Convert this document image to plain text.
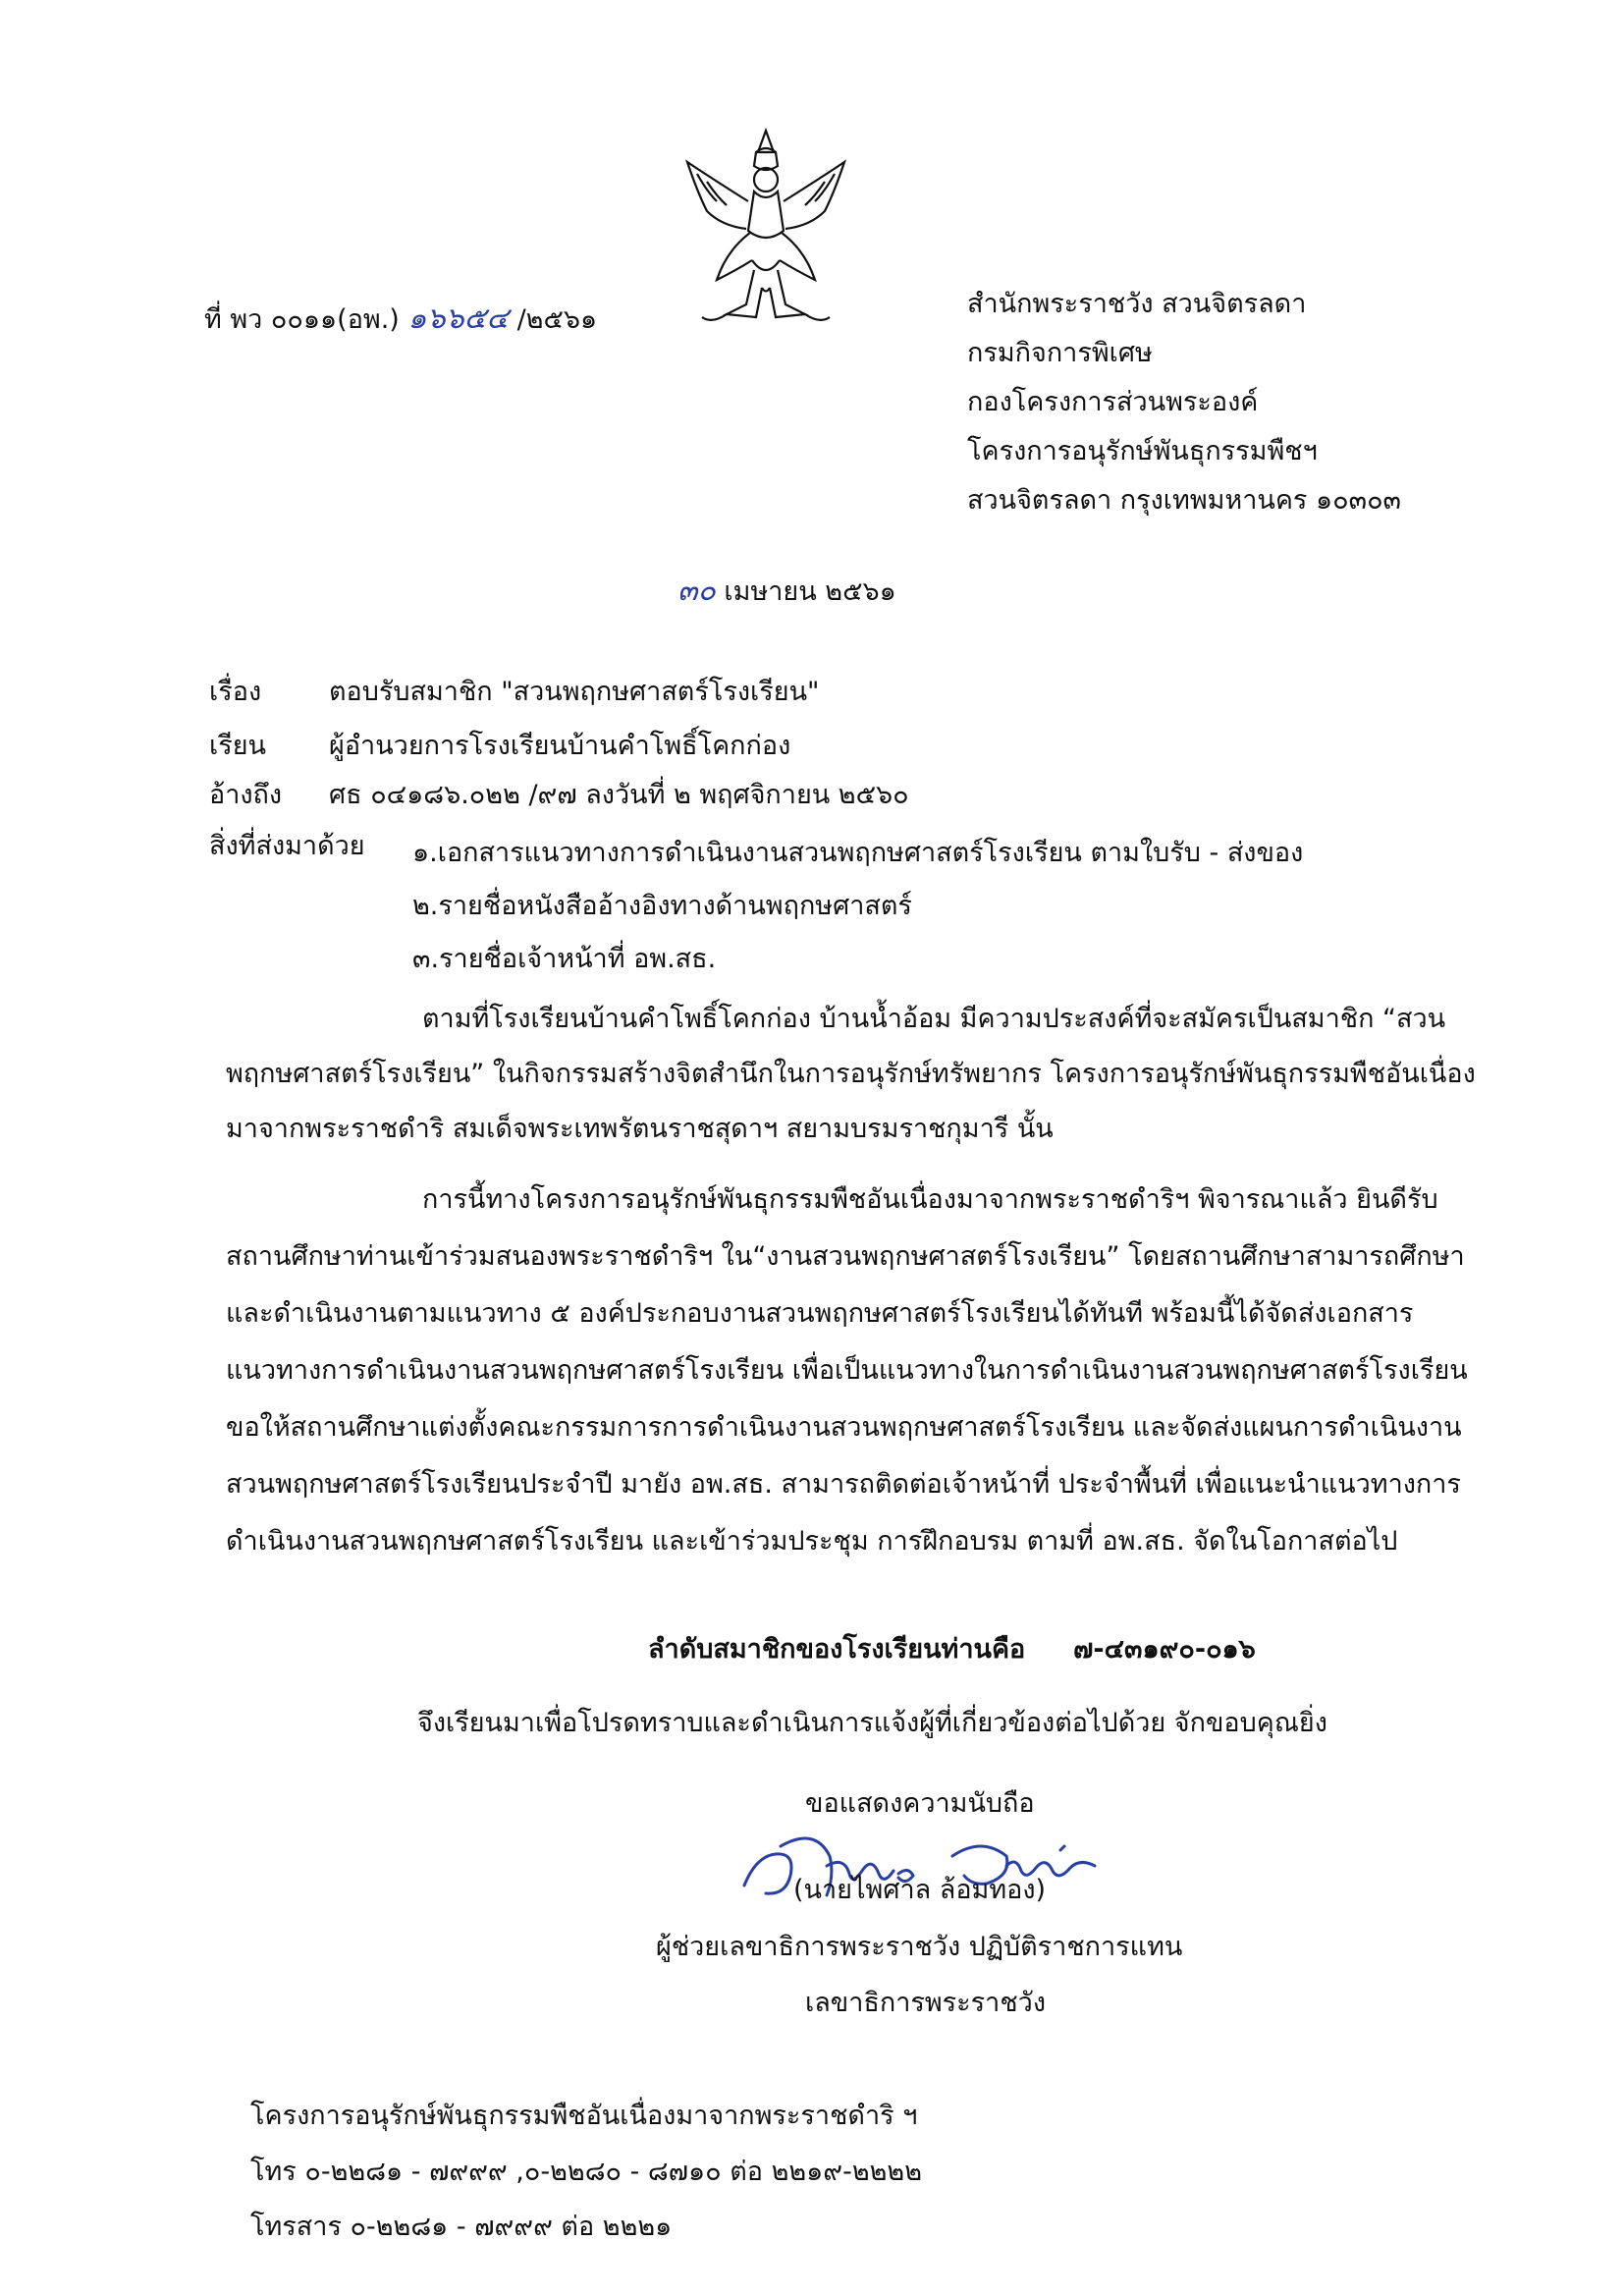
ที่ พว ๐๐๑๑(อพ.) ๑๖๖๕๔ /๒๕๖๑
สำนักพระราชวัง สวนจิตรลดา
กรมกิจการพิเศษ
กองโครงการส่วนพระองค์
โครงการอนุรักษ์พันธุกรรมพืชฯ
สวนจิตรลดา กรุงเทพมหานคร ๑๐๓๐๓
๓๐ เมษายน ๒๕๖๑
เรื่อง	ตอบรับสมาชิก "สวนพฤกษศาสตร์โรงเรียน"
เรียน ผู้อำนวยการโรงเรียนบ้านคำโพธิ์โคกก่อง
อ้างถึง ศธ ๐๔๑๘๖.๐๒๒ /๙๗ ลงวันที่ ๒ พฤศจิกายน ๒๕๖๐
สิ่งที่ส่งมาด้วย ๑.เอกสารแนวทางการดำเนินงานสวนพฤกษศาสตร์โรงเรียน ตามใบรับ - ส่งของ
๒.รายชื่อหนังสืออ้างอิงทางด้านพฤกษศาสตร์
๓.รายชื่อเจ้าหน้าที่ อพ.สธ.
ตามที่โรงเรียนบ้านคำโพธิ์โคกก่อง บ้านน้ำอ้อม มีความประสงค์ที่จะสมัครเป็นสมาชิก “สวนพฤกษศาสตร์โรงเรียน” ในกิจกรรมสร้างจิตสำนึกในการอนุรักษ์ทรัพยากร โครงการอนุรักษ์พันธุกรรมพืชอันเนื่องมาจากพระราชดำริ สมเด็จพระเทพรัตนราชสุดาฯ สยามบรมราชกุมารี นั้น
การนี้ทางโครงการอนุรักษ์พันธุกรรมพืชอันเนื่องมาจากพระราชดำริฯ พิจารณาแล้ว ยินดีรับสถานศึกษาท่านเข้าร่วมสนองพระราชดำริฯ ใน“งานสวนพฤกษศาสตร์โรงเรียน” โดยสถานศึกษาสามารถศึกษาและดำเนินงานตามแนวทาง ๕ องค์ประกอบงานสวนพฤกษศาสตร์โรงเรียนได้ทันที พร้อมนี้ได้จัดส่งเอกสารแนวทางการดำเนินงานสวนพฤกษศาสตร์โรงเรียน เพื่อเป็นแนวทางในการดำเนินงานสวนพฤกษศาสตร์โรงเรียน ขอให้สถานศึกษาแต่งตั้งคณะกรรมการการดำเนินงานสวนพฤกษศาสตร์โรงเรียน และจัดส่งแผนการดำเนินงานสวนพฤกษศาสตร์โรงเรียนประจำปี มายัง อพ.สธ. สามารถติดต่อเจ้าหน้าที่ ประจำพื้นที่ เพื่อแนะนำแนวทางการดำเนินงานสวนพฤกษศาสตร์โรงเรียน และเข้าร่วมประชุม การฝึกอบรม ตามที่ อพ.สธ. จัดในโอกาสต่อไป
ลำดับสมาชิกของโรงเรียนท่านคือ ๗-๔๓๑๙๐-๐๑๖
จึงเรียนมาเพื่อโปรดทราบและดำเนินการแจ้งผู้ที่เกี่ยวข้องต่อไปด้วย จักขอบคุณยิ่ง
ขอแสดงความนับถือ
(นายไพศาล ล้อมทอง)
ผู้ช่วยเลขาธิการพระราชวัง ปฏิบัติราชการแทน
เลขาธิการพระราชวัง
โครงการอนุรักษ์พันธุกรรมพืชอันเนื่องมาจากพระราชดำริ ฯ
โทร ๐-๒๒๘๑ - ๗๙๙๙ ,๐-๒๒๘๐ - ๘๗๑๐ ต่อ ๒๒๑๙-๒๒๒๒
โทรสาร ๐-๒๒๘๑ - ๗๙๙๙ ต่อ ๒๒๒๑
